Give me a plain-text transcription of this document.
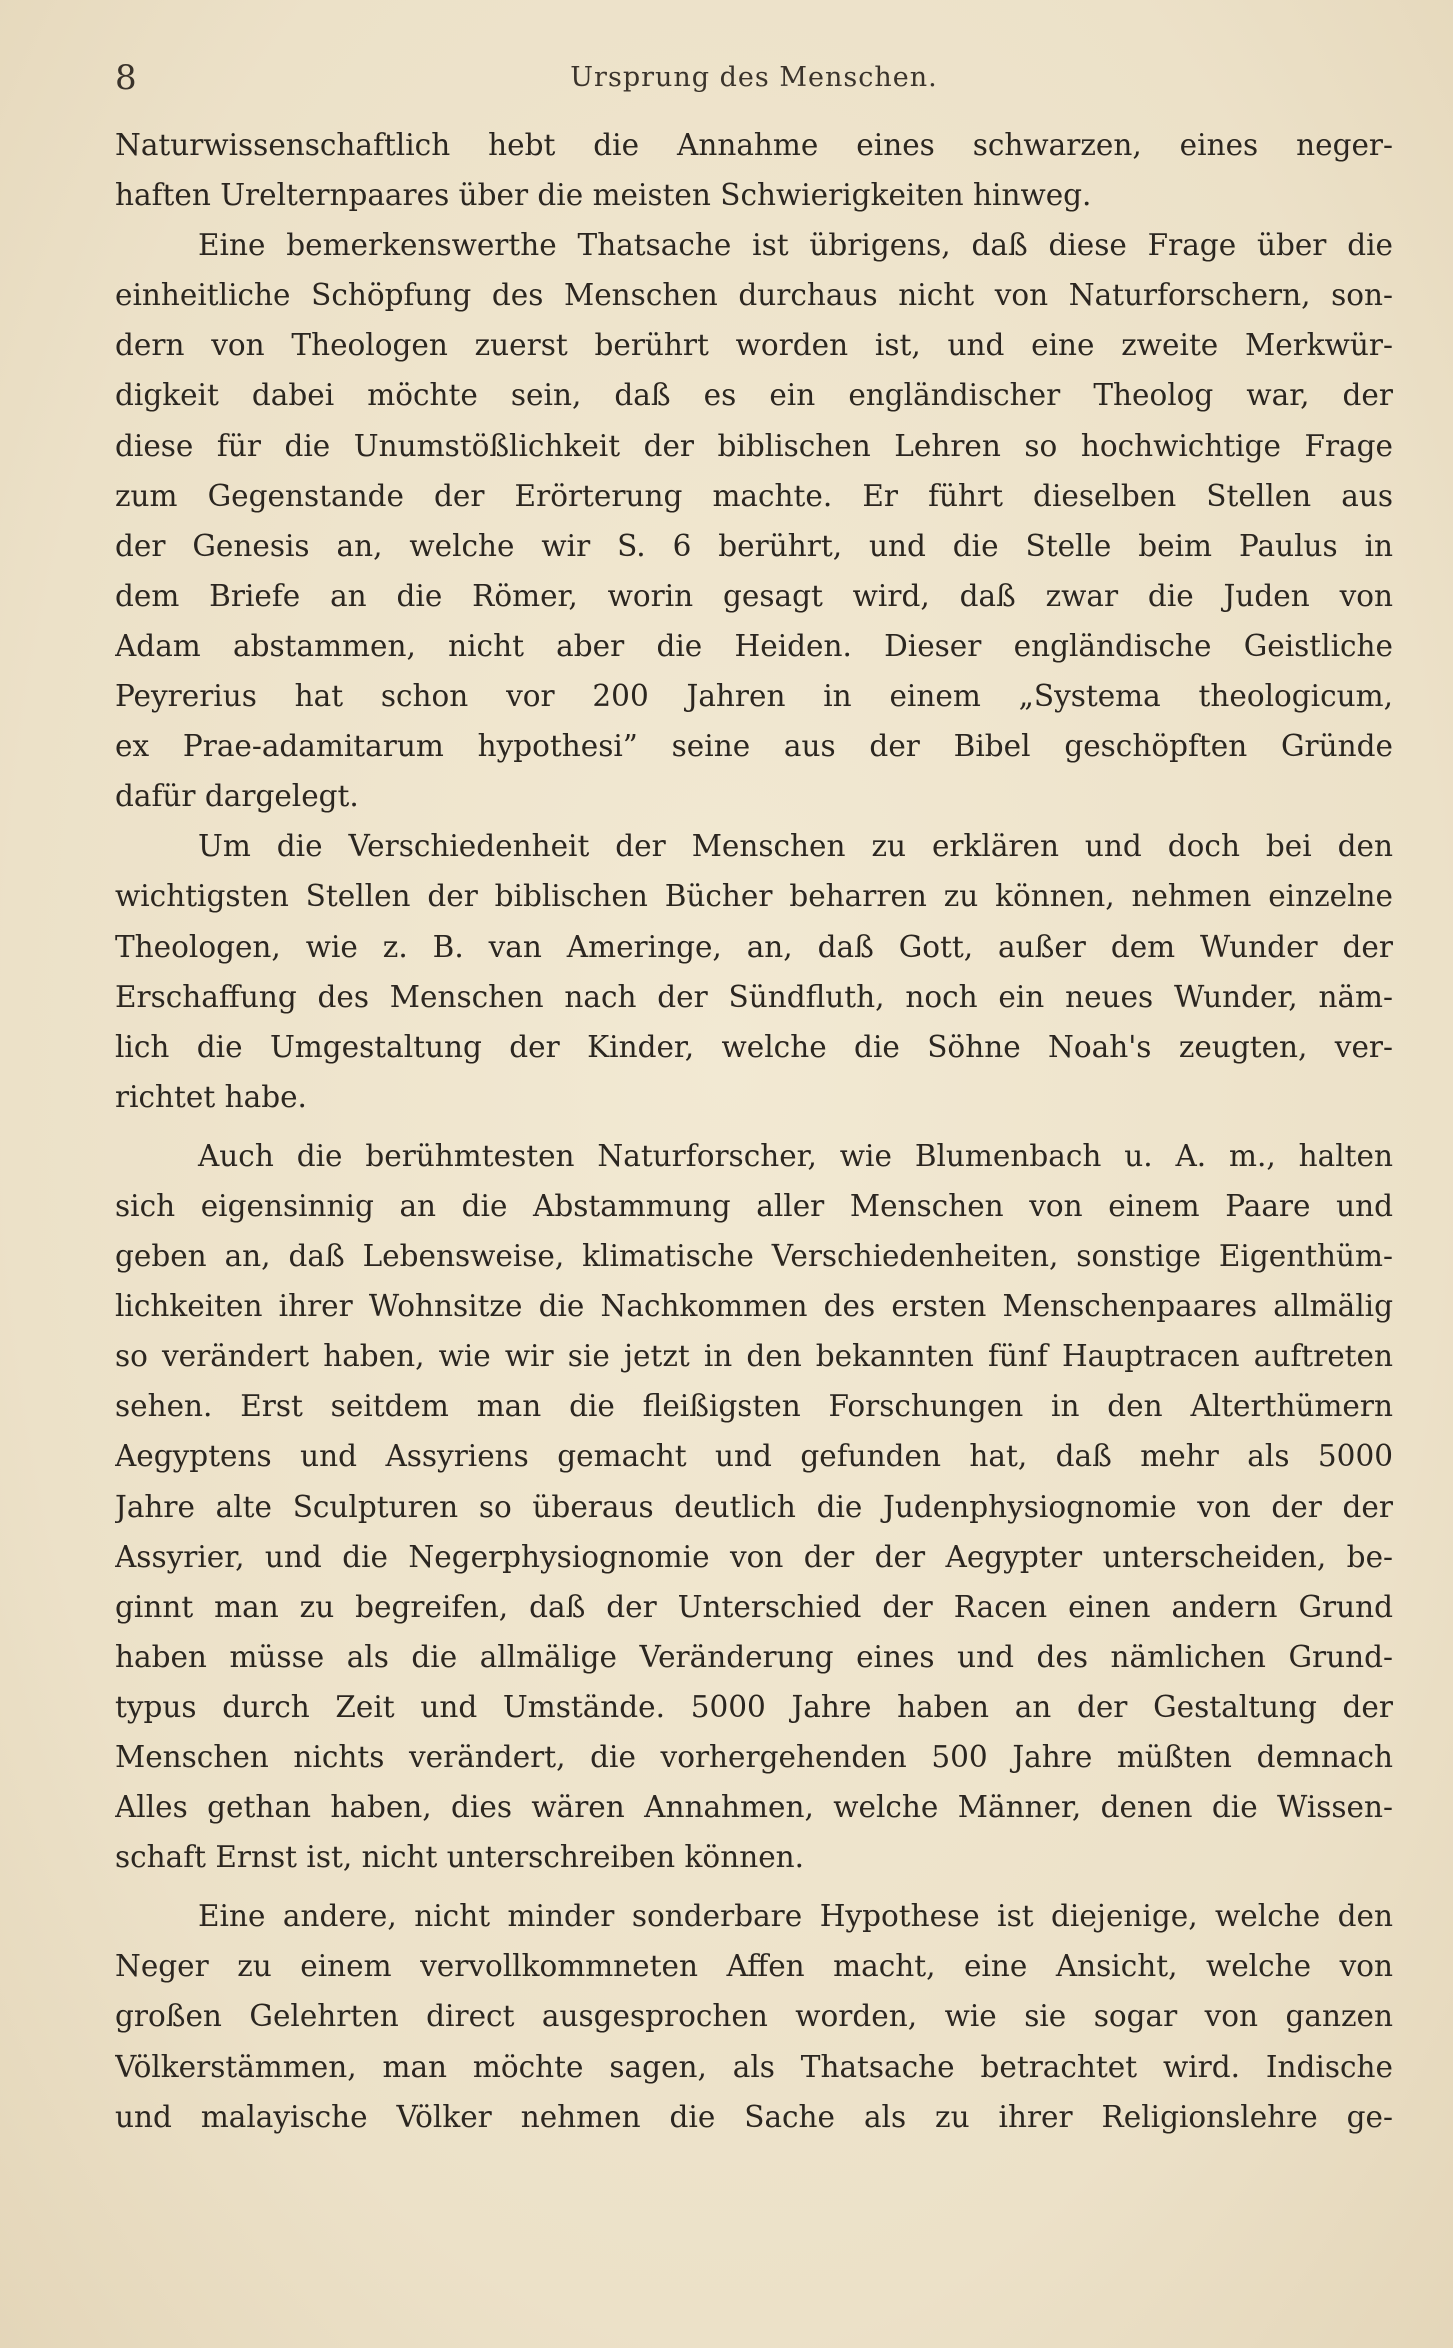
8	Ursprung des Menschen.
Naturwissenschaftlich hebt die Annahme eines schwarzen, eines neger-
haften Urelternpaares über die meisten Schwierigkeiten hinweg.
Eine bemerkenswerthe Thatsache ist übrigens, daß diese Frage über die
einheitliche Schöpfung des Menschen durchaus nicht von Naturforschern, son-
dern von Theologen zuerst berührt worden ist, und eine zweite Merkwür-
digkeit dabei möchte sein, daß es ein engländischer Theolog war, der
diese für die Unumstößlichkeit der biblischen Lehren so hochwichtige Frage
zum Gegenstande der Erörterung machte. Er führt dieselben Stellen aus
der Genesis an, welche wir S. 6 berührt, und die Stelle beim Paulus in
dem Briefe an die Römer, worin gesagt wird, daß zwar die Juden von
Adam abstammen, nicht aber die Heiden. Dieser engländische Geistliche
Peyrerius hat schon vor 200 Jahren in einem „Systema theologicum,
ex Prae-adamitarum hypothesi” seine aus der Bibel geschöpften Gründe
dafür dargelegt.
Um die Verschiedenheit der Menschen zu erklären und doch bei den
wichtigsten Stellen der biblischen Bücher beharren zu können, nehmen einzelne
Theologen, wie z. B. van Ameringe, an, daß Gott, außer dem Wunder der
Erschaffung des Menschen nach der Sündfluth, noch ein neues Wunder, näm-
lich die Umgestaltung der Kinder, welche die Söhne Noah's zeugten, ver-
richtet habe.
Auch die berühmtesten Naturforscher, wie Blumenbach u. A. m., halten
sich eigensinnig an die Abstammung aller Menschen von einem Paare und
geben an, daß Lebensweise, klimatische Verschiedenheiten, sonstige Eigenthüm-
lichkeiten ihrer Wohnsitze die Nachkommen des ersten Menschenpaares allmälig
so verändert haben, wie wir sie jetzt in den bekannten fünf Hauptracen auftreten
sehen. Erst seitdem man die fleißigsten Forschungen in den Alterthümern
Aegyptens und Assyriens gemacht und gefunden hat, daß mehr als 5000
Jahre alte Sculpturen so überaus deutlich die Judenphysiognomie von der der
Assyrier, und die Negerphysiognomie von der der Aegypter unterscheiden, be-
ginnt man zu begreifen, daß der Unterschied der Racen einen andern Grund
haben müsse als die allmälige Veränderung eines und des nämlichen Grund-
typus durch Zeit und Umstände. 5000 Jahre haben an der Gestaltung der
Menschen nichts verändert, die vorhergehenden 500 Jahre müßten demnach
Alles gethan haben, dies wären Annahmen, welche Männer, denen die Wissen-
schaft Ernst ist, nicht unterschreiben können.
Eine andere, nicht minder sonderbare Hypothese ist diejenige, welche den
Neger zu einem vervollkommneten Affen macht, eine Ansicht, welche von
großen Gelehrten direct ausgesprochen worden, wie sie sogar von ganzen
Völkerstämmen, man möchte sagen, als Thatsache betrachtet wird. Indische
und malayische Völker nehmen die Sache als zu ihrer Religionslehre ge-
